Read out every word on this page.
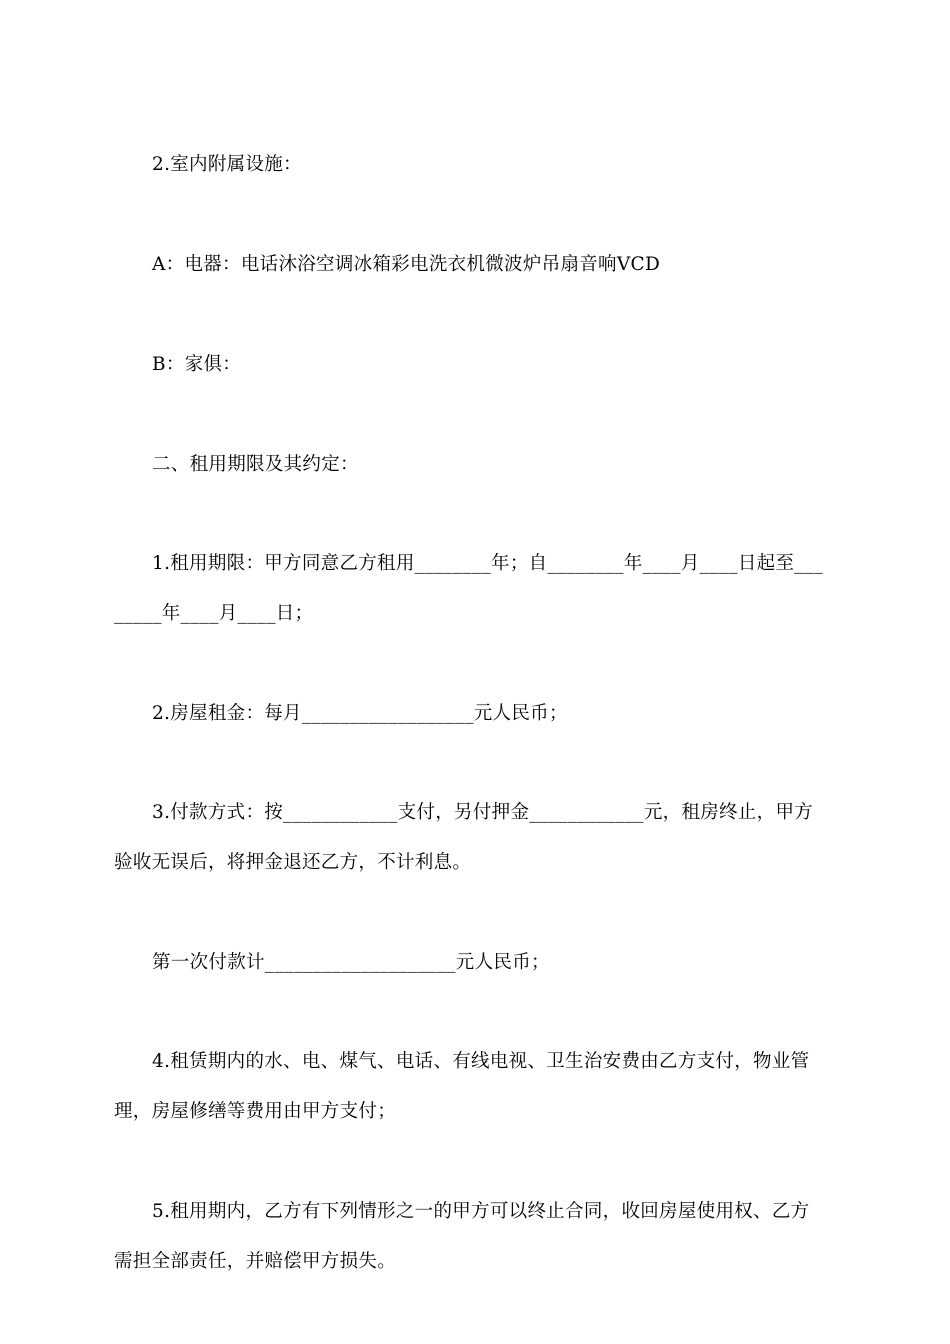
2.室内附属设施：
A：电器：电话沐浴空调冰箱彩电洗衣机微波炉吊扇音响VCD
B：家俱：
二、租用期限及其约定：
1.租用期限：甲方同意乙方租用________年；自________年____月____日起至___
_____年____月____日；
2.房屋租金：每月__________________元人民币；
3.付款方式：按____________支付，另付押金____________元，租房终止，甲方
验收无误后，将押金退还乙方，不计利息。
第一次付款计____________________元人民币；
4.租赁期内的水、电、煤气、电话、有线电视、卫生治安费由乙方支付，物业管
理，房屋修缮等费用由甲方支付；
5.租用期内，乙方有下列情形之一的甲方可以终止合同，收回房屋使用权、乙方
需担全部责任，并赔偿甲方损失。
